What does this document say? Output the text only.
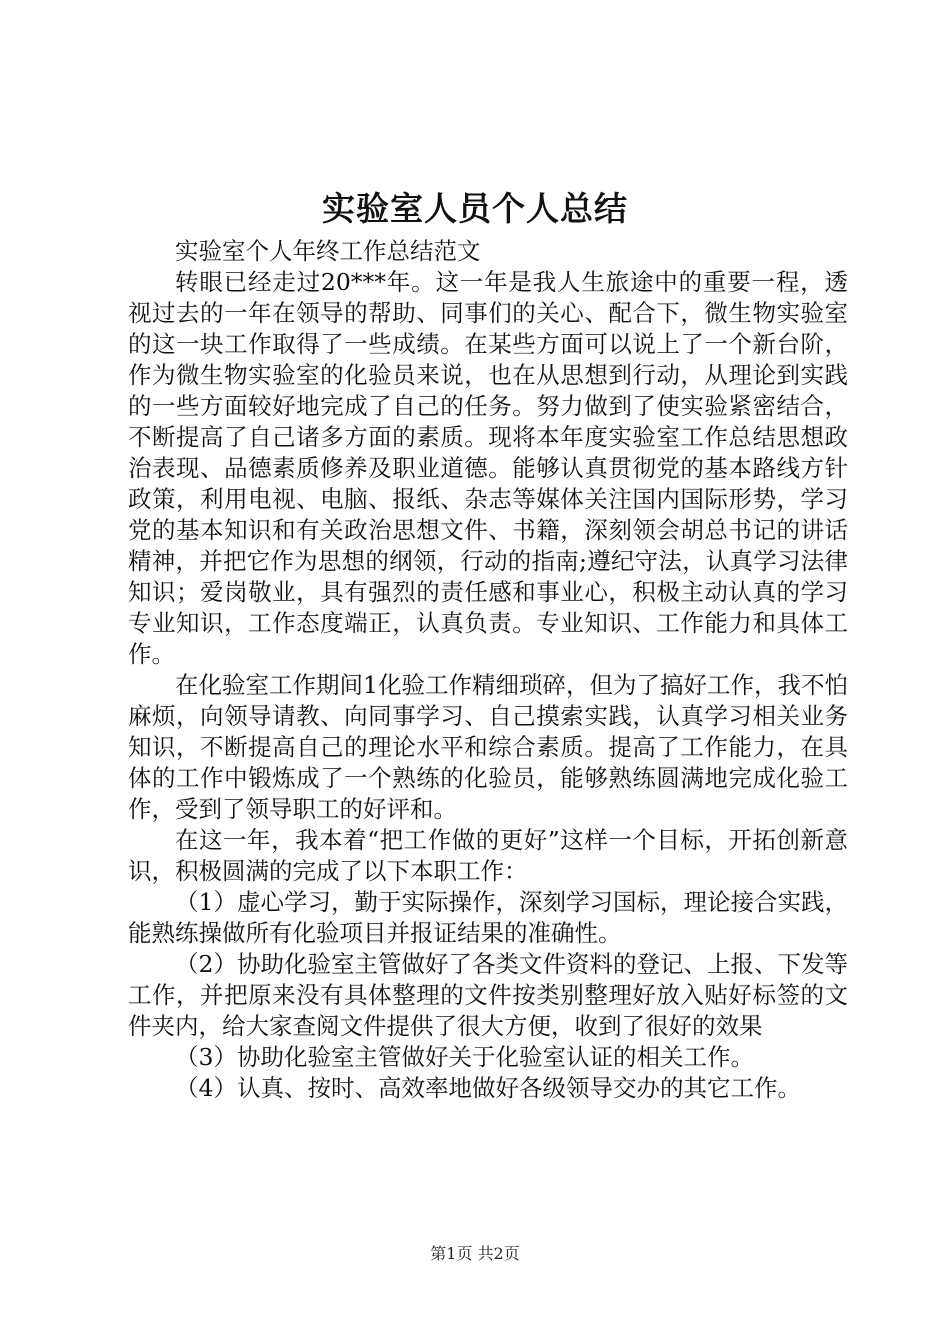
实验室人员个人总结

实验室个人年终工作总结范文

转眼已经走过20***年。这一年是我人生旅途中的重要一程，透视过去的一年在领导的帮助、同事们的关心、配合下，微生物实验室的这一块工作取得了一些成绩。在某些方面可以说上了一个新台阶，作为微生物实验室的化验员来说，也在从思想到行动，从理论到实践的一些方面较好地完成了自己的任务。努力做到了使实验紧密结合，不断提高了自己诸多方面的素质。现将本年度实验室工作总结思想政治表现、品德素质修养及职业道德。能够认真贯彻党的基本路线方针政策，利用电视、电脑、报纸、杂志等媒体关注国内国际形势，学习党的基本知识和有关政治思想文件、书籍，深刻领会胡总书记的讲话精神，并把它作为思想的纲领，行动的指南;遵纪守法，认真学习法律知识；爱岗敬业，具有强烈的责任感和事业心，积极主动认真的学习专业知识，工作态度端正，认真负责。专业知识、工作能力和具体工作。

在化验室工作期间1化验工作精细琐碎，但为了搞好工作，我不怕麻烦，向领导请教、向同事学习、自己摸索实践，认真学习相关业务知识，不断提高自己的理论水平和综合素质。提高了工作能力，在具体的工作中锻炼成了一个熟练的化验员，能够熟练圆满地完成化验工作，受到了领导职工的好评和。

在这一年，我本着“把工作做的更好”这样一个目标，开拓创新意识，积极圆满的完成了以下本职工作：

（1）虚心学习，勤于实际操作，深刻学习国标，理论接合实践，能熟练操做所有化验项目并报证结果的准确性。

（2）协助化验室主管做好了各类文件资料的登记、上报、下发等工作，并把原来没有具体整理的文件按类别整理好放入贴好标签的文件夹内，给大家查阅文件提供了很大方便，收到了很好的效果

（3）协助化验室主管做好关于化验室认证的相关工作。

（4）认真、按时、高效率地做好各级领导交办的其它工作。

第1页 共2页
